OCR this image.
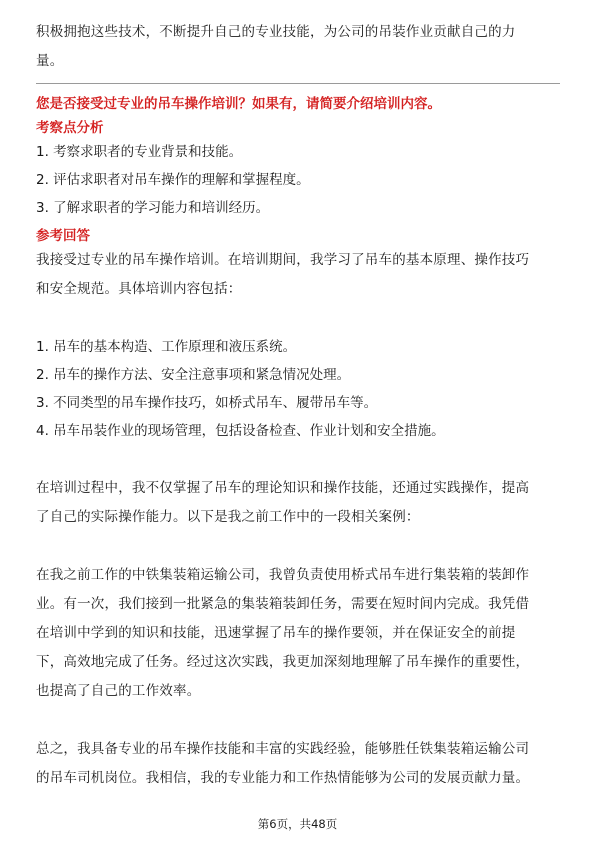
积极拥抱这些技术，不断提升自己的专业技能，为公司的吊装作业贡献自己的力

量。

您是否接受过专业的吊车操作培训？如果有，请简要介绍培训内容。

考察点分析

1. 考察求职者的专业背景和技能。

2. 评估求职者对吊车操作的理解和掌握程度。

3. 了解求职者的学习能力和培训经历。

参考回答

我接受过专业的吊车操作培训。在培训期间，我学习了吊车的基本原理、操作技巧

和安全规范。具体培训内容包括：

1. 吊车的基本构造、工作原理和液压系统。

2. 吊车的操作方法、安全注意事项和紧急情况处理。

3. 不同类型的吊车操作技巧，如桥式吊车、履带吊车等。

4. 吊车吊装作业的现场管理，包括设备检查、作业计划和安全措施。

在培训过程中，我不仅掌握了吊车的理论知识和操作技能，还通过实践操作，提高

了自己的实际操作能力。以下是我之前工作中的一段相关案例：

在我之前工作的中铁集装箱运输公司，我曾负责使用桥式吊车进行集装箱的装卸作

业。有一次，我们接到一批紧急的集装箱装卸任务，需要在短时间内完成。我凭借

在培训中学到的知识和技能，迅速掌握了吊车的操作要领，并在保证安全的前提

下，高效地完成了任务。经过这次实践，我更加深刻地理解了吊车操作的重要性，

也提高了自己的工作效率。

总之，我具备专业的吊车操作技能和丰富的实践经验，能够胜任铁集装箱运输公司

的吊车司机岗位。我相信，我的专业能力和工作热情能够为公司的发展贡献力量。

第6页，共48页
